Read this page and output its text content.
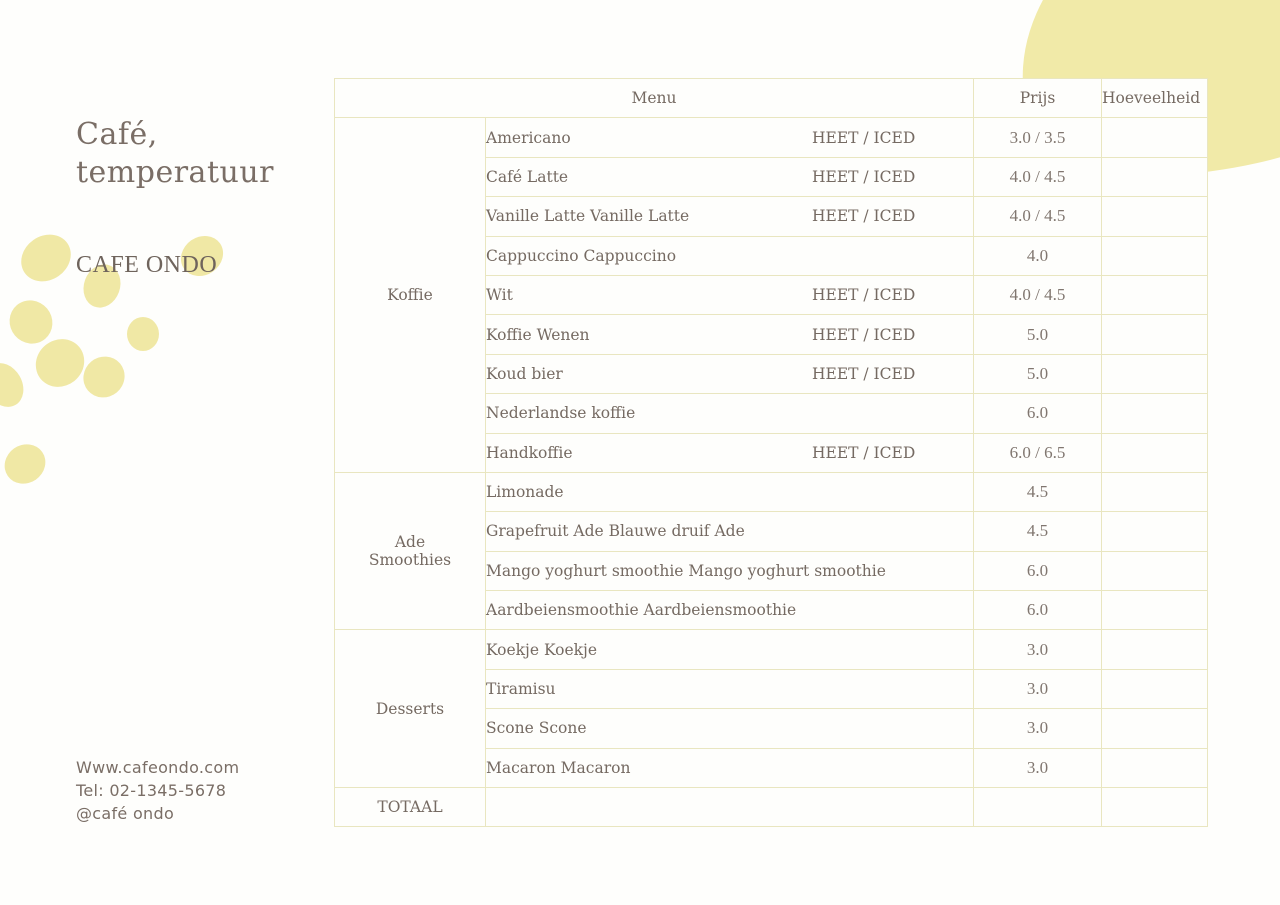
Café,
temperatuur
CAFE ONDO
Www.cafeondo.com
Tel: 02-1345-5678
@café ondo
Menu		Prijs	Hoeveelheid
Koffie	Americano HEET / ICED	3.0 / 3.5	

	Café Latte HEET / ICED	4.0 / 4.5	

	Vanille Latte Vanille Latte HEET / ICED	4.0 / 4.5	

	Cappuccino Cappuccino	4.0	

	Wit HEET / ICED	4.0 / 4.5	

	Koffie Wenen HEET / ICED	5.0	

	Koud bier HEET / ICED	5.0	

	Nederlandse koffie	6.0	

	Handkoffie HEET / ICED	6.0 / 6.5	

Ade
Smoothies	Limonade	4.5	

	Grapefruit Ade Blauwe druif Ade	4.5	

	Mango yoghurt smoothie Mango yoghurt smoothie	6.0	

	Aardbeiensmoothie Aardbeiensmoothie	6.0	
Desserts	Koekje Koekje	3.0	

	Tiramisu	3.0	

	Scone Scone	3.0	

	Macaron Macaron	3.0	
TOTAAL			
